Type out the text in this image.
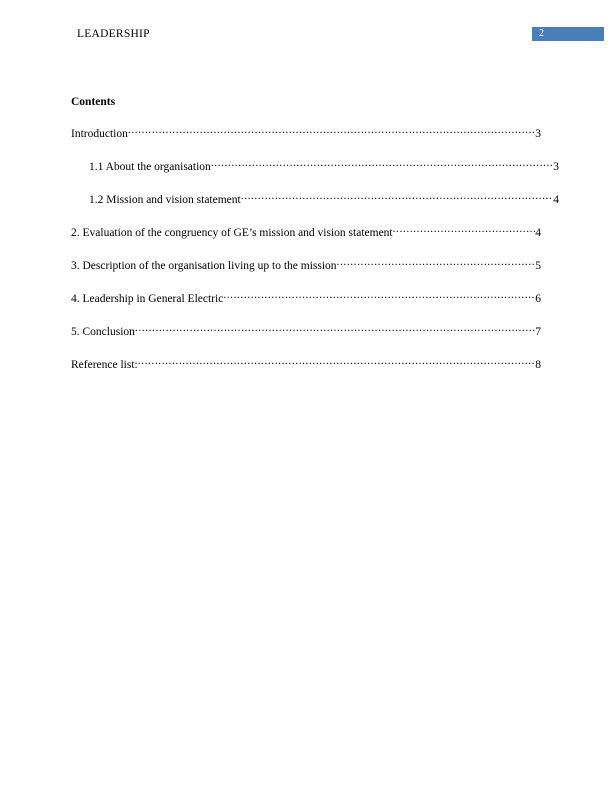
LEADERSHIP	2
Contents
Introduction .....	3
1.1 About the organisation .....	3
1.2 Mission and vision statement .....	4
2. Evaluation of the congruency of GE’s mission and vision statement .....	4
3. Description of the organisation living up to the mission .....	5
4. Leadership in General Electric .....	6
5. Conclusion .....	7
Reference list: .....	8
